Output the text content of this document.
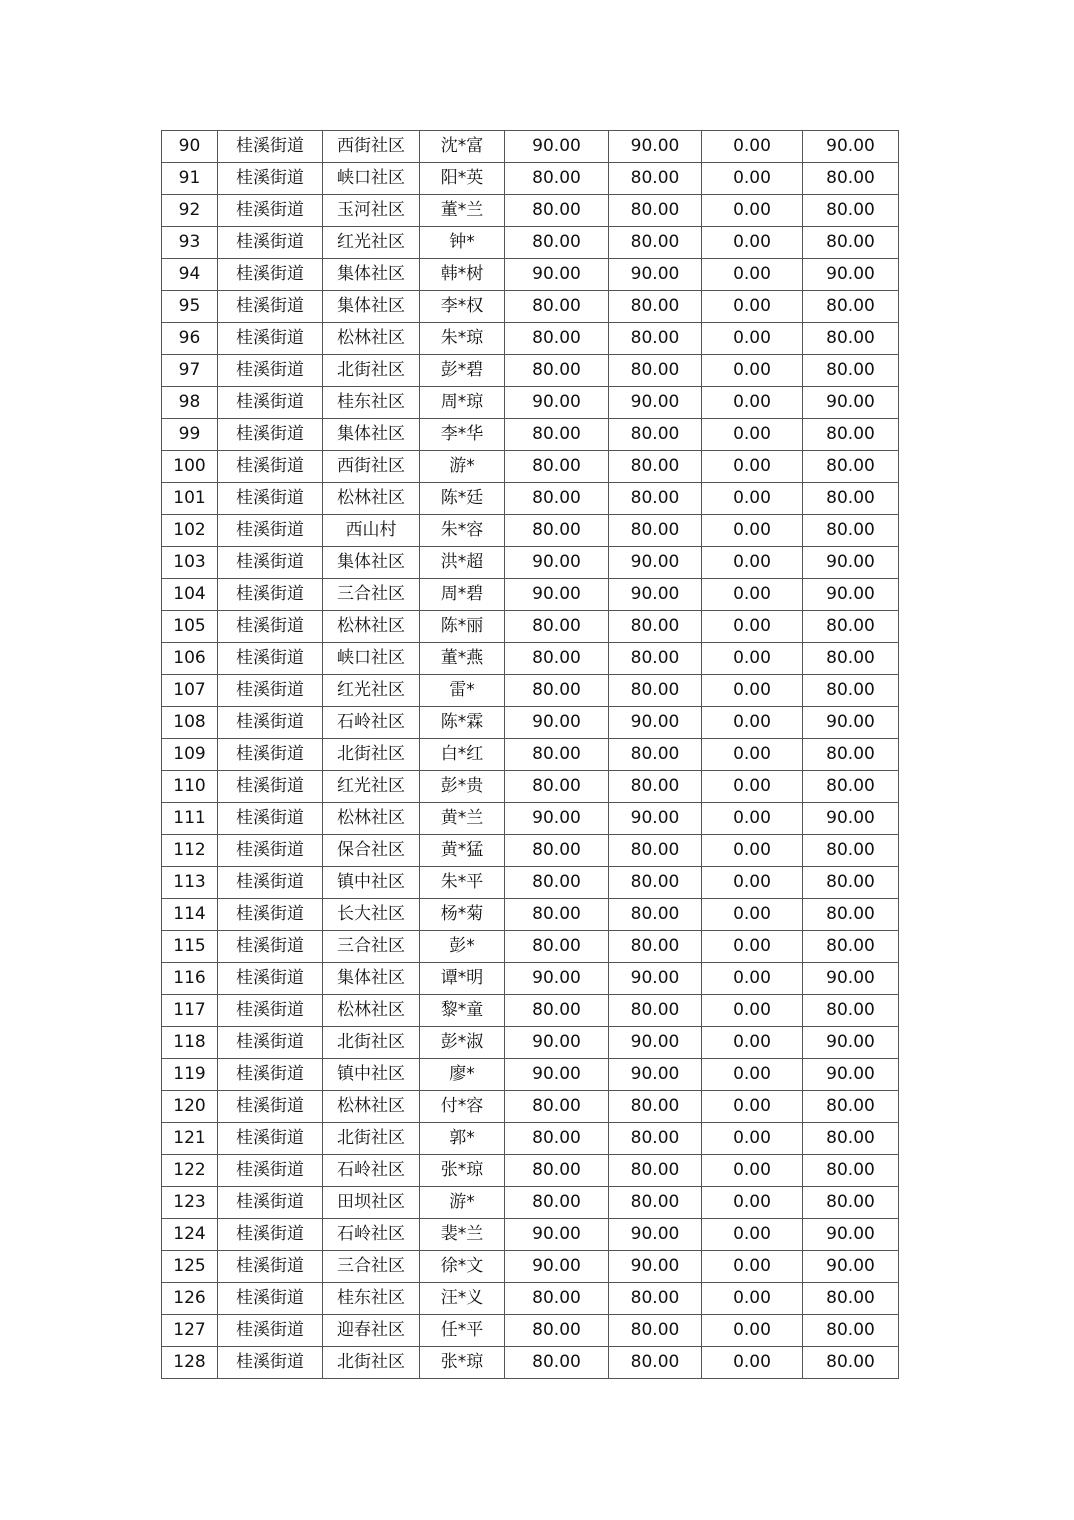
90	桂溪街道	西街社区	沈*富	90.00	90.00	0.00	90.00
91	桂溪街道	峡口社区	阳*英	80.00	80.00	0.00	80.00
92	桂溪街道	玉河社区	董*兰	80.00	80.00	0.00	80.00
93	桂溪街道	红光社区	钟*	80.00	80.00	0.00	80.00
94	桂溪街道	集体社区	韩*树	90.00	90.00	0.00	90.00
95	桂溪街道	集体社区	李*权	80.00	80.00	0.00	80.00
96	桂溪街道	松林社区	朱*琼	80.00	80.00	0.00	80.00
97	桂溪街道	北街社区	彭*碧	80.00	80.00	0.00	80.00
98	桂溪街道	桂东社区	周*琼	90.00	90.00	0.00	90.00
99	桂溪街道	集体社区	李*华	80.00	80.00	0.00	80.00
100	桂溪街道	西街社区	游*	80.00	80.00	0.00	80.00
101	桂溪街道	松林社区	陈*廷	80.00	80.00	0.00	80.00
102	桂溪街道	西山村	朱*容	80.00	80.00	0.00	80.00
103	桂溪街道	集体社区	洪*超	90.00	90.00	0.00	90.00
104	桂溪街道	三合社区	周*碧	90.00	90.00	0.00	90.00
105	桂溪街道	松林社区	陈*丽	80.00	80.00	0.00	80.00
106	桂溪街道	峡口社区	董*燕	80.00	80.00	0.00	80.00
107	桂溪街道	红光社区	雷*	80.00	80.00	0.00	80.00
108	桂溪街道	石岭社区	陈*霖	90.00	90.00	0.00	90.00
109	桂溪街道	北街社区	白*红	80.00	80.00	0.00	80.00
110	桂溪街道	红光社区	彭*贵	80.00	80.00	0.00	80.00
111	桂溪街道	松林社区	黄*兰	90.00	90.00	0.00	90.00
112	桂溪街道	保合社区	黄*猛	80.00	80.00	0.00	80.00
113	桂溪街道	镇中社区	朱*平	80.00	80.00	0.00	80.00
114	桂溪街道	长大社区	杨*菊	80.00	80.00	0.00	80.00
115	桂溪街道	三合社区	彭*	80.00	80.00	0.00	80.00
116	桂溪街道	集体社区	谭*明	90.00	90.00	0.00	90.00
117	桂溪街道	松林社区	黎*童	80.00	80.00	0.00	80.00
118	桂溪街道	北街社区	彭*淑	90.00	90.00	0.00	90.00
119	桂溪街道	镇中社区	廖*	90.00	90.00	0.00	90.00
120	桂溪街道	松林社区	付*容	80.00	80.00	0.00	80.00
121	桂溪街道	北街社区	郭*	80.00	80.00	0.00	80.00
122	桂溪街道	石岭社区	张*琼	80.00	80.00	0.00	80.00
123	桂溪街道	田坝社区	游*	80.00	80.00	0.00	80.00
124	桂溪街道	石岭社区	裴*兰	90.00	90.00	0.00	90.00
125	桂溪街道	三合社区	徐*文	90.00	90.00	0.00	90.00
126	桂溪街道	桂东社区	汪*义	80.00	80.00	0.00	80.00
127	桂溪街道	迎春社区	任*平	80.00	80.00	0.00	80.00
128	桂溪街道	北街社区	张*琼	80.00	80.00	0.00	80.00
